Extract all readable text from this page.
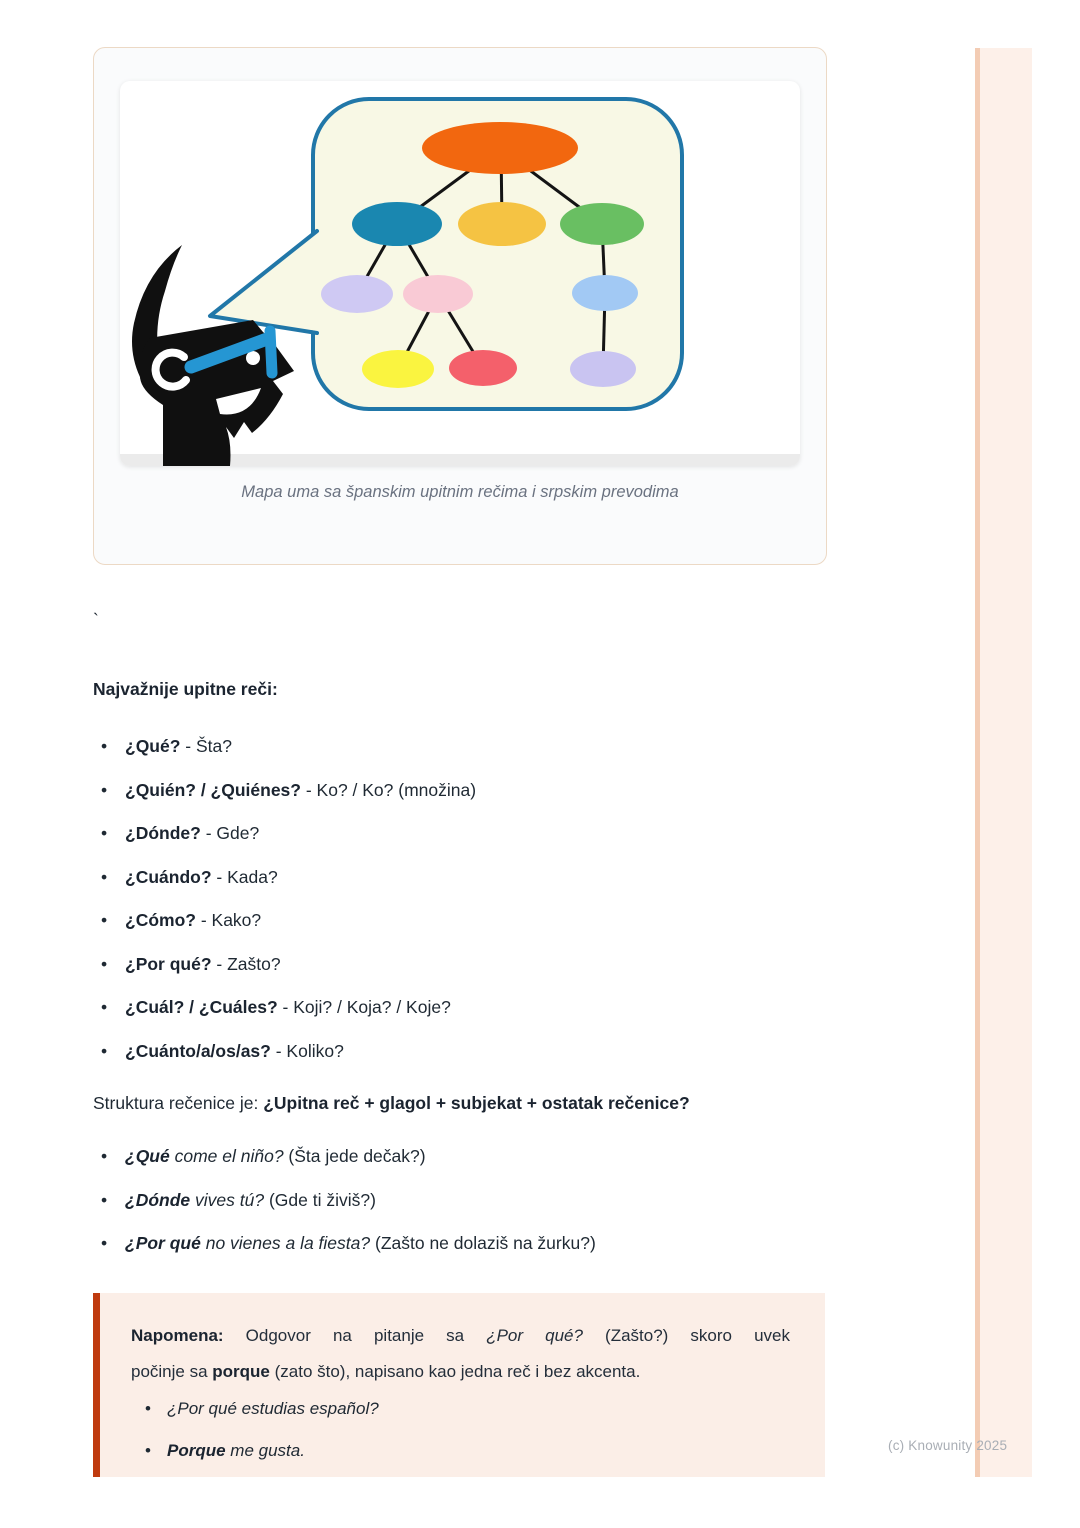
Mapa uma sa španskim upitnim rečima i srpskim prevodima

`

Najvažnije upitne reči:

• ¿Qué? - Šta?
• ¿Quién? / ¿Quiénes? - Ko? / Ko? (množina)
• ¿Dónde? - Gde?
• ¿Cuándo? - Kada?
• ¿Cómo? - Kako?
• ¿Por qué? - Zašto?
• ¿Cuál? / ¿Cuáles? - Koji? / Koja? / Koje?
• ¿Cuánto/a/os/as? - Koliko?

Struktura rečenice je: ¿Upitna reč + glagol + subjekat + ostatak rečenice?

• ¿Qué come el niño? (Šta jede dečak?)
• ¿Dónde vives tú? (Gde ti živiš?)
• ¿Por qué no vienes a la fiesta? (Zašto ne dolaziš na žurku?)

Napomena: Odgovor na pitanje sa ¿Por qué? (Zašto?) skoro uvek
počinje sa porque (zato što), napisano kao jedna reč i bez akcenta.

• ¿Por qué estudias español?
• Porque me gusta.	(c) Knowunity 2025
